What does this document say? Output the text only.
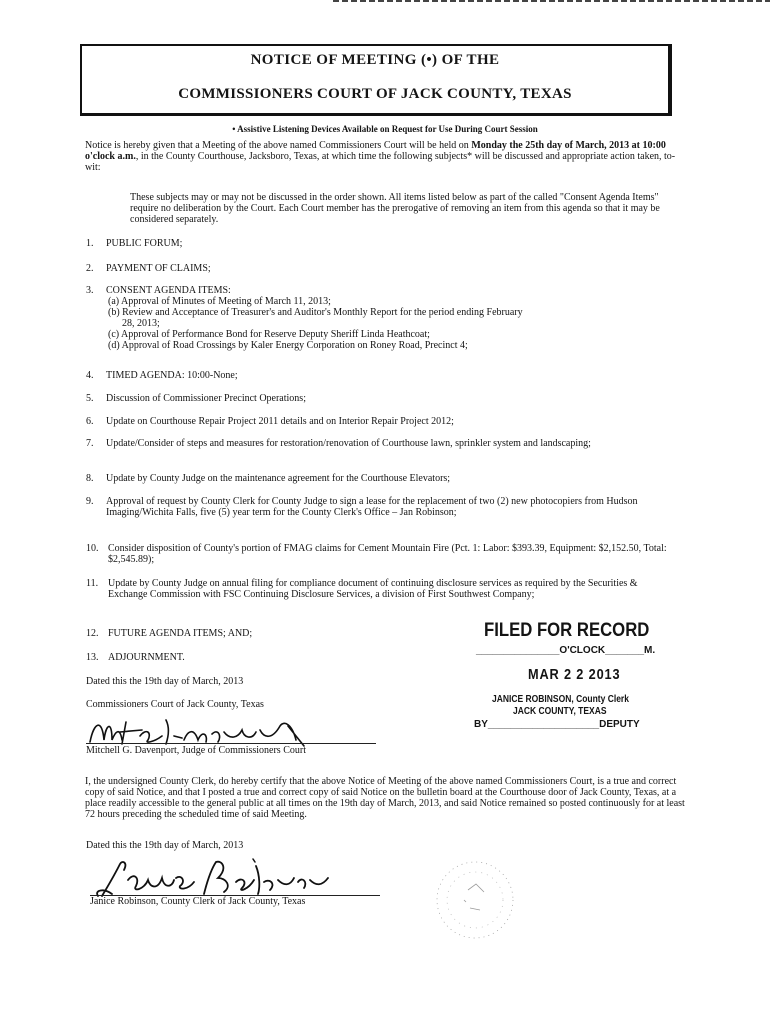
NOTICE OF MEETING (•) OF THE
COMMISSIONERS COURT OF JACK COUNTY, TEXAS
• Assistive Listening Devices Available on Request for Use During Court Session
Notice is hereby given that a Meeting of the above named Commissioners Court will be held on Monday the 25th day of March, 2013 at 10:00 o'clock a.m., in the County Courthouse, Jacksboro, Texas, at which time the following subjects* will be discussed and appropriate action taken, to-wit:
These subjects may or may not be discussed in the order shown. All items listed below as part of the called "Consent Agenda Items" require no deliberation by the Court. Each Court member has the prerogative of removing an item from this agenda so that it may be considered separately.
1. PUBLIC FORUM;
2. PAYMENT OF CLAIMS;
3. CONSENT AGENDA ITEMS:
(a) Approval of Minutes of Meeting of March 11, 2013;
(b) Review and Acceptance of Treasurer's and Auditor's Monthly Report for the period ending February
28, 2013;
(c) Approval of Performance Bond for Reserve Deputy Sheriff Linda Heathcoat;
(d) Approval of Road Crossings by Kaler Energy Corporation on Roney Road, Precinct 4;
4. TIMED AGENDA: 10:00-None;
5. Discussion of Commissioner Precinct Operations;
6. Update on Courthouse Repair Project 2011 details and on Interior Repair Project 2012;
7. Update/Consider of steps and measures for restoration/renovation of Courthouse lawn, sprinkler system and landscaping;
8. Update by County Judge on the maintenance agreement for the Courthouse Elevators;
9. Approval of request by County Clerk for County Judge to sign a lease for the replacement of two (2) new photocopiers from Hudson Imaging/Wichita Falls, five (5) year term for the County Clerk's Office – Jan Robinson;
10. Consider disposition of County's portion of FMAG claims for Cement Mountain Fire (Pct. 1: Labor: $393.39, Equipment: $2,152.50, Total: $2,545.89);
11. Update by County Judge on annual filing for compliance document of continuing disclosure services as required by the Securities & Exchange Commission with FSC Continuing Disclosure Services, a division of First Southwest Company;
12. FUTURE AGENDA ITEMS; AND;
13. ADJOURNMENT.
Dated this the 19th day of March, 2013
Commissioners Court of Jack County, Texas
Mitchell G. Davenport, Judge of Commissioners Court
FILED FOR RECORD
_______________O'CLOCK_______M.
MAR 2 2 2013
JANICE ROBINSON, County Clerk
JACK COUNTY, TEXAS
BY____________________DEPUTY
I, the undersigned County Clerk, do hereby certify that the above Notice of Meeting of the above named Commissioners Court, is a true and correct copy of said Notice, and that I posted a true and correct copy of said Notice on the bulletin board at the Courthouse door of Jack County, Texas, at a place readily accessible to the general public at all times on the 19th day of March, 2013, and said Notice remained so posted continuously for at least 72 hours preceding the scheduled time of said Meeting.
Dated this the 19th day of March, 2013
Janice Robinson, County Clerk of Jack County, Texas
